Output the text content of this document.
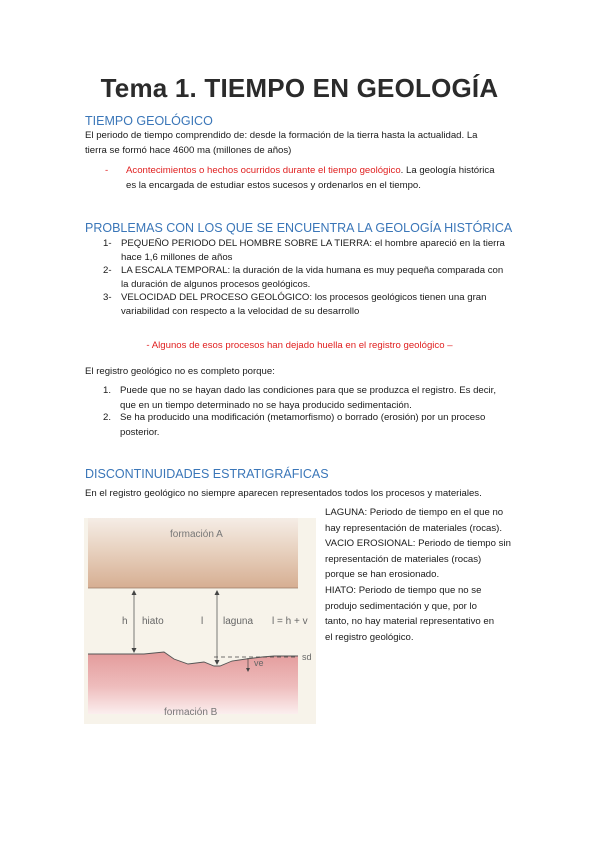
Tema 1. TIEMPO EN GEOLOGÍA
TIEMPO GEOLÓGICO
El periodo de tiempo comprendido de: desde la formación de la tierra hasta la actualidad. La
tierra se formó hace 4600 ma (millones de años)
- Acontecimientos o hechos ocurridos durante el tiempo geológico. La geología histórica
es la encargada de estudiar estos sucesos y ordenarlos en el tiempo.
PROBLEMAS CON LOS QUE SE ENCUENTRA LA GEOLOGÍA HISTÓRICA
1- PEQUEÑO PERIODO DEL HOMBRE SOBRE LA TIERRA: el hombre apareció en la tierra
hace 1,6 millones de años
2- LA ESCALA TEMPORAL: la duración de la vida humana es muy pequeña comparada con
la duración de algunos procesos geológicos.
3- VELOCIDAD DEL PROCESO GEOLÓGICO: los procesos geológicos tienen una gran
variabilidad con respecto a la velocidad de su desarrollo
- Algunos de esos procesos han dejado huella en el registro geológico –
El registro geológico no es completo porque:
1. Puede que no se hayan dado las condiciones para que se produzca el registro. Es decir,
que en un tiempo determinado no se haya producido sedimentación.
2. Se ha producido una modificación (metamorfismo) o borrado (erosión) por un proceso
posterior.
DISCONTINUIDADES ESTRATIGRÁFICAS
En el registro geológico no siempre aparecen representados todos los procesos y materiales.
formación A
formación B
h hiato	l laguna l = h + v
ve
sd
LAGUNA: Periodo de tiempo en el que no
hay representación de materiales (rocas).
VACIO EROSIONAL: Periodo de tiempo sin
representación de materiales (rocas)
porque se han erosionado.
HIATO: Periodo de tiempo que no se
produjo sedimentación y que, por lo
tanto, no hay material representativo en
el registro geológico.
